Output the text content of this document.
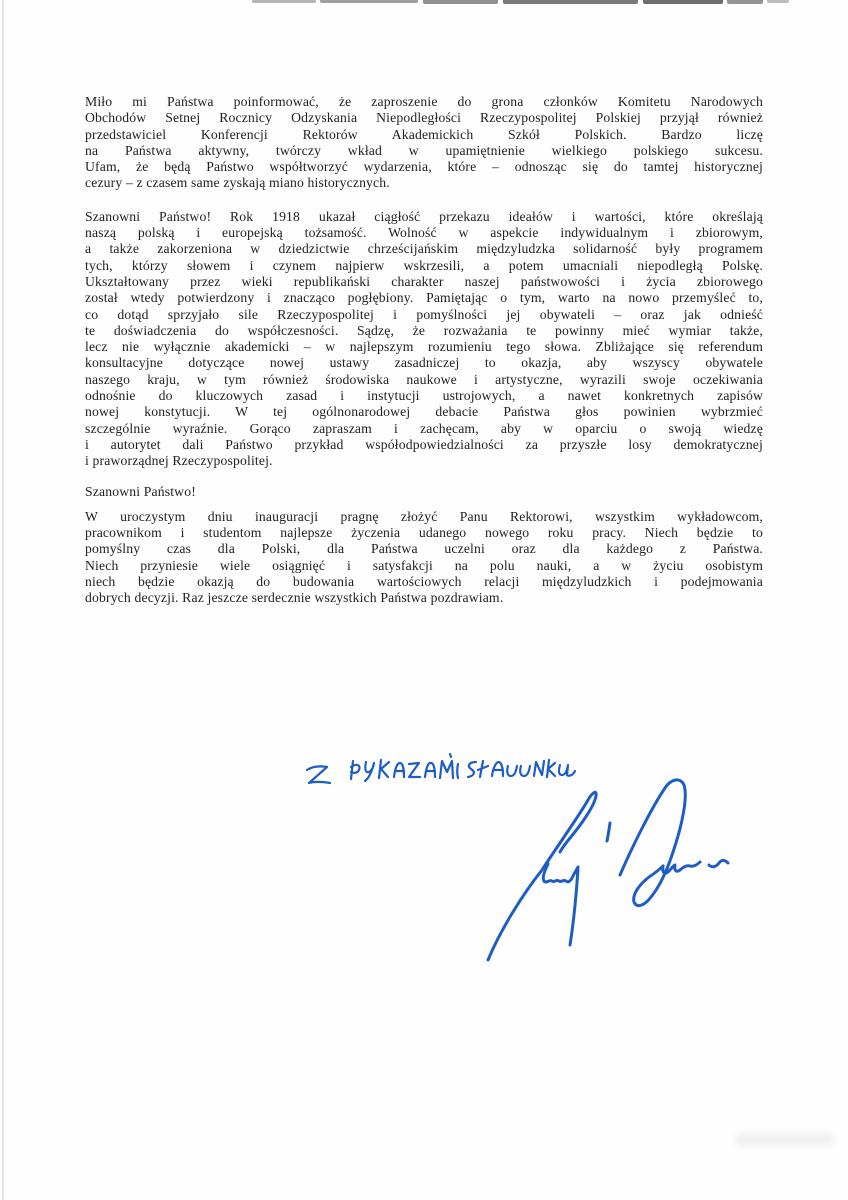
Miło mi Państwa poinformować, że zaproszenie do grona członków Komitetu Narodowych
Obchodów Setnej Rocznicy Odzyskania Niepodległości Rzeczypospolitej Polskiej przyjął również
przedstawiciel Konferencji Rektorów Akademickich Szkół Polskich. Bardzo liczę
na Państwa aktywny, twórczy wkład w upamiętnienie wielkiego polskiego sukcesu.
Ufam, że będą Państwo współtworzyć wydarzenia, które – odnosząc się do tamtej historycznej
cezury – z czasem same zyskają miano historycznych.
Szanowni Państwo! Rok 1918 ukazał ciągłość przekazu ideałów i wartości, które określają
naszą polską i europejską tożsamość. Wolność w aspekcie indywidualnym i zbiorowym,
a także zakorzeniona w dziedzictwie chrześcijańskim międzyludzka solidarność były programem
tych, którzy słowem i czynem najpierw wskrzesili, a potem umacniali niepodległą Polskę.
Ukształtowany przez wieki republikański charakter naszej państwowości i życia zbiorowego
został wtedy potwierdzony i znacząco pogłębiony. Pamiętając o tym, warto na nowo przemyśleć to,
co dotąd sprzyjało sile Rzeczypospolitej i pomyślności jej obywateli – oraz jak odnieść
te doświadczenia do współczesności. Sądzę, że rozważania te powinny mieć wymiar także,
lecz nie wyłącznie akademicki – w najlepszym rozumieniu tego słowa. Zbliżające się referendum
konsultacyjne dotyczące nowej ustawy zasadniczej to okazja, aby wszyscy obywatele
naszego kraju, w tym również środowiska naukowe i artystyczne, wyrazili swoje oczekiwania
odnośnie do kluczowych zasad i instytucji ustrojowych, a nawet konkretnych zapisów
nowej konstytucji. W tej ogólnonarodowej debacie Państwa głos powinien wybrzmieć
szczególnie wyraźnie. Gorąco zapraszam i zachęcam, aby w oparciu o swoją wiedzę
i autorytet dali Państwo przykład współodpowiedzialności za przyszłe losy demokratycznej
i praworządnej Rzeczypospolitej.
Szanowni Państwo!
W uroczystym dniu inauguracji pragnę złożyć Panu Rektorowi, wszystkim wykładowcom,
pracownikom i studentom najlepsze życzenia udanego nowego roku pracy. Niech będzie to
pomyślny czas dla Polski, dla Państwa uczelni oraz dla każdego z Państwa.
Niech przyniesie wiele osiągnięć i satysfakcji na polu nauki, a w życiu osobistym
niech będzie okazją do budowania wartościowych relacji międzyludzkich i podejmowania
dobrych decyzji. Raz jeszcze serdecznie wszystkich Państwa pozdrawiam.
